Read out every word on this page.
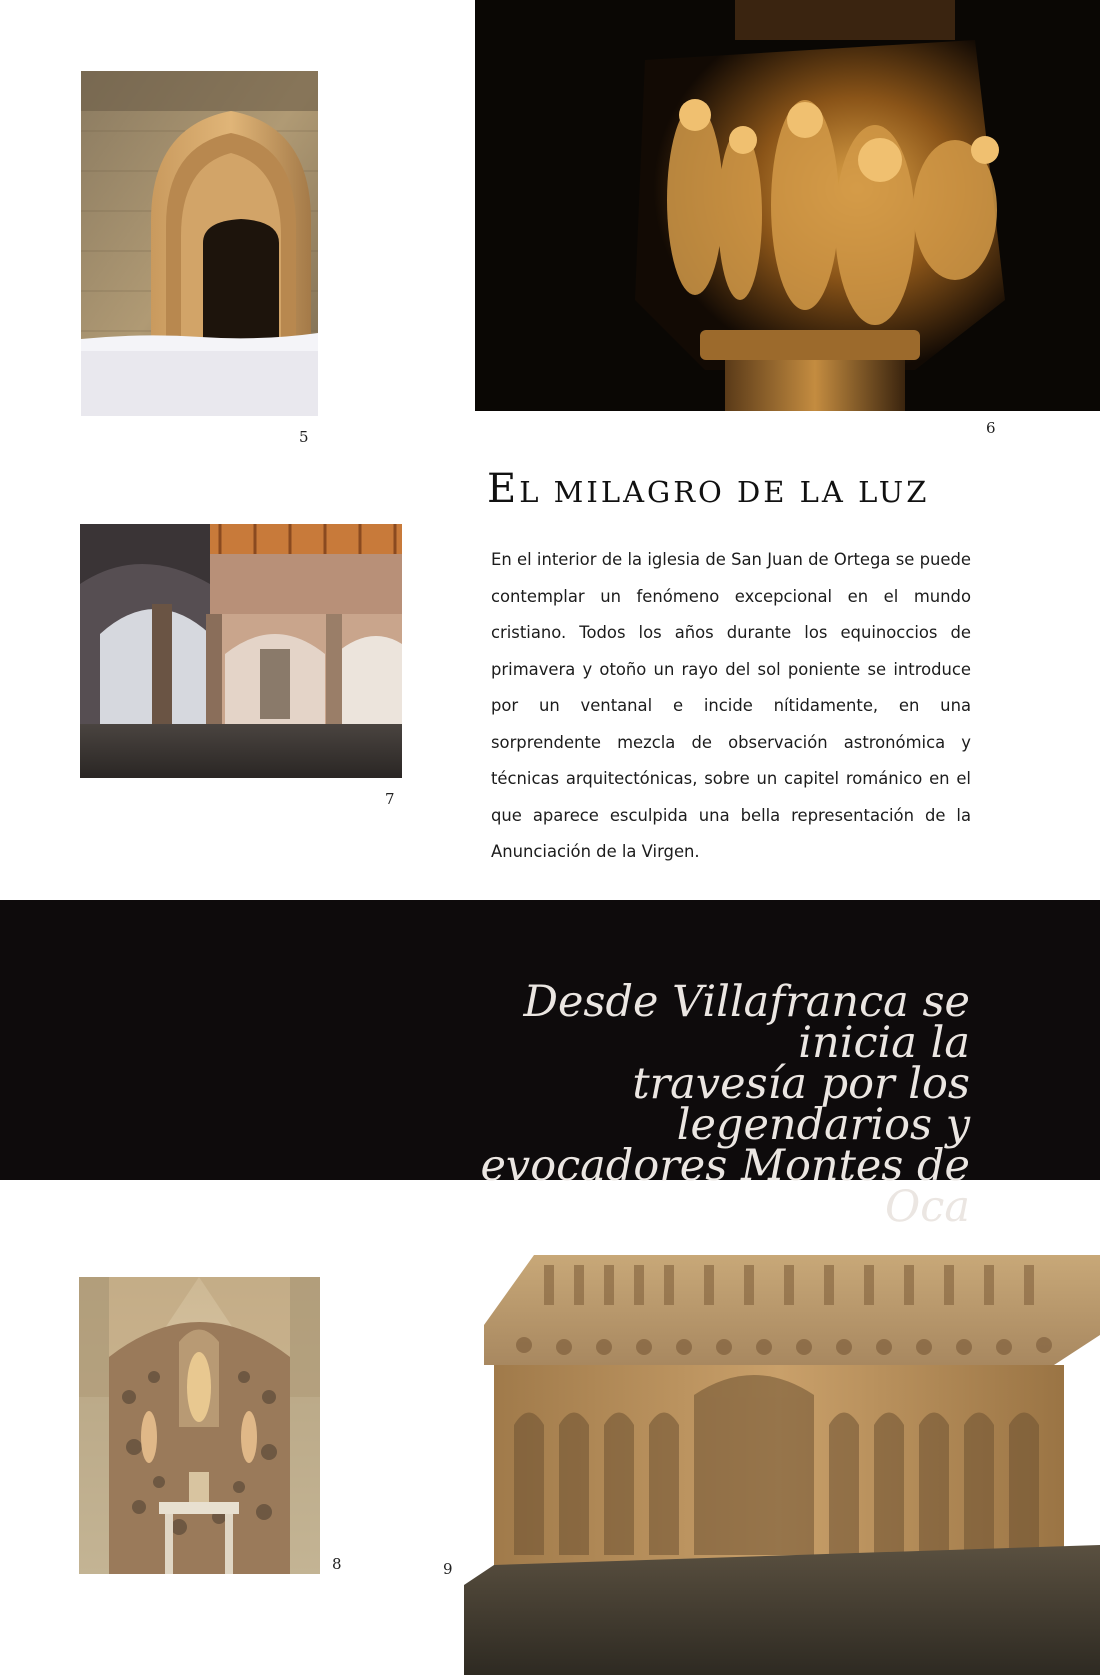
5	6
EL MILAGRO DE LA LUZ

En el interior de la iglesia de San Juan de Ortega se puede contemplar un fenómeno excepcional en el mundo cristiano. Todos los años durante los equinoccios de primavera y otoño un rayo del sol poniente se introduce por un ventanal e incide nítidamente, en una sorprendente mezcla de observación astronómica y técnicas arquitectónicas, sobre un capitel románico en el que aparece esculpida una bella representación de la Anunciación de la Virgen.

7

Desde Villafranca se inicia la
travesía por los legendarios y
evocadores Montes de Oca

8	9
